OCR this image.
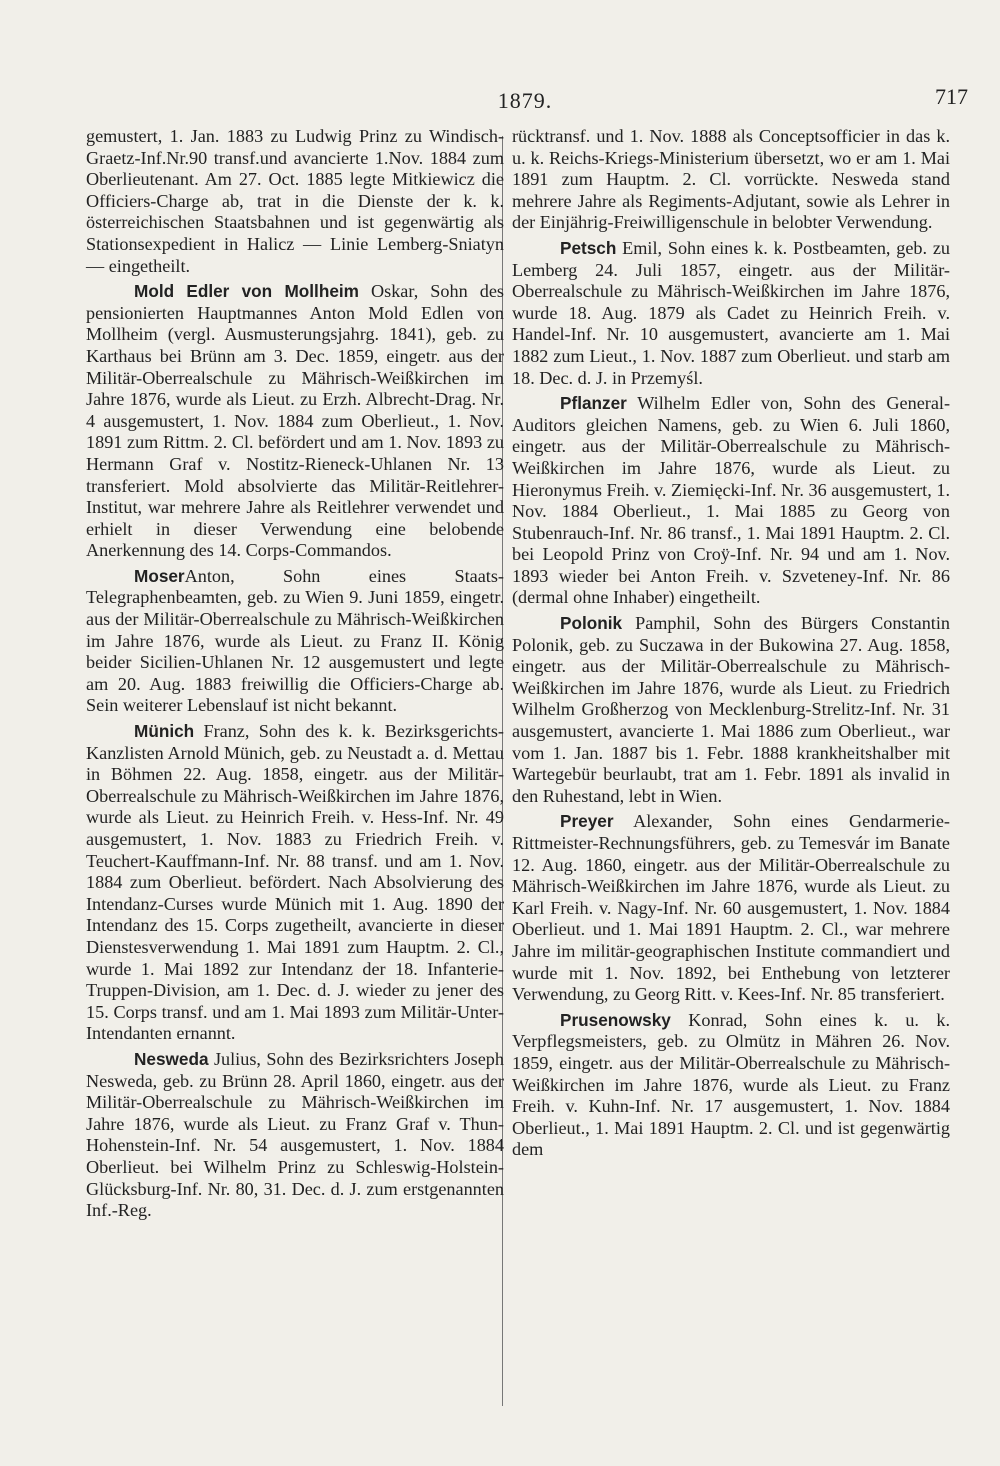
1879.	717

gemustert, 1. Jan. 1883 zu Ludwig Prinz zu Windisch-Graetz-Inf.Nr.90 transf.und avancierte 1.Nov. 1884 zum Oberlieutenant. Am 27. Oct. 1885 legte Mitkiewicz die Officiers-Charge ab, trat in die Dienste der k. k. österreichischen Staatsbahnen und ist gegenwärtig als Stationsexpedient in Halicz — Linie Lemberg-Sniatyn — eingetheilt.

Mold Edler von Mollheim Oskar, Sohn des pensionierten Hauptmannes Anton Mold Edlen von Mollheim (vergl. Ausmusterungsjahrg. 1841), geb. zu Karthaus bei Brünn am 3. Dec. 1859, eingetr. aus der Militär-Oberrealschule zu Mährisch-Weißkirchen im Jahre 1876, wurde als Lieut. zu Erzh. Albrecht-Drag. Nr. 4 ausgemustert, 1. Nov. 1884 zum Oberlieut., 1. Nov. 1891 zum Rittm. 2. Cl. befördert und am 1. Nov. 1893 zu Hermann Graf v. Nostitz-Rieneck-Uhlanen Nr. 13 transferiert. Mold absolvierte das Militär-Reitlehrer-Institut, war mehrere Jahre als Reitlehrer verwendet und erhielt in dieser Verwendung eine belobende Anerkennung des 14. Corps-Commandos.

MoserAnton, Sohn eines Staats-Telegraphenbeamten, geb. zu Wien 9. Juni 1859, eingetr. aus der Militär-Oberrealschule zu Mährisch-Weißkirchen im Jahre 1876, wurde als Lieut. zu Franz II. König beider Sicilien-Uhlanen Nr. 12 ausgemustert und legte am 20. Aug. 1883 freiwillig die Officiers-Charge ab. Sein weiterer Lebenslauf ist nicht bekannt.

Münich Franz, Sohn des k. k. Bezirksgerichts-Kanzlisten Arnold Münich, geb. zu Neustadt a. d. Mettau in Böhmen 22. Aug. 1858, eingetr. aus der Militär-Oberrealschule zu Mährisch-Weißkirchen im Jahre 1876, wurde als Lieut. zu Heinrich Freih. v. Hess-Inf. Nr. 49 ausgemustert, 1. Nov. 1883 zu Friedrich Freih. v. Teuchert-Kauffmann-Inf. Nr. 88 transf. und am 1. Nov. 1884 zum Oberlieut. befördert. Nach Absolvierung des Intendanz-Curses wurde Münich mit 1. Aug. 1890 der Intendanz des 15. Corps zugetheilt, avancierte in dieser Dienstesverwendung 1. Mai 1891 zum Hauptm. 2. Cl., wurde 1. Mai 1892 zur Intendanz der 18. Infanterie-Truppen-Division, am 1. Dec. d. J. wieder zu jener des 15. Corps transf. und am 1. Mai 1893 zum Militär-Unter-Intendanten ernannt.

Nesweda Julius, Sohn des Bezirksrichters Joseph Nesweda, geb. zu Brünn 28. April 1860, eingetr. aus der Militär-Oberrealschule zu Mährisch-Weißkirchen im Jahre 1876, wurde als Lieut. zu Franz Graf v. Thun-Hohenstein-Inf. Nr. 54 ausgemustert, 1. Nov. 1884 Oberlieut. bei Wilhelm Prinz zu Schleswig-Holstein-Glücksburg-Inf. Nr. 80, 31. Dec. d. J. zum erstgenannten Inf.-Reg.

rücktransf. und 1. Nov. 1888 als Conceptsofficier in das k. u. k. Reichs-Kriegs-Ministerium übersetzt, wo er am 1. Mai 1891 zum Hauptm. 2. Cl. vorrückte. Nesweda stand mehrere Jahre als Regiments-Adjutant, sowie als Lehrer in der Einjährig-Freiwilligenschule in belobter Verwendung.

Petsch Emil, Sohn eines k. k. Postbeamten, geb. zu Lemberg 24. Juli 1857, eingetr. aus der Militär-Oberrealschule zu Mährisch-Weißkirchen im Jahre 1876, wurde 18. Aug. 1879 als Cadet zu Heinrich Freih. v. Handel-Inf. Nr. 10 ausgemustert, avancierte am 1. Mai 1882 zum Lieut., 1. Nov. 1887 zum Oberlieut. und starb am 18. Dec. d. J. in Przemyśl.

Pflanzer Wilhelm Edler von, Sohn des General-Auditors gleichen Namens, geb. zu Wien 6. Juli 1860, eingetr. aus der Militär-Oberrealschule zu Mährisch-Weißkirchen im Jahre 1876, wurde als Lieut. zu Hieronymus Freih. v. Ziemięcki-Inf. Nr. 36 ausgemustert, 1. Nov. 1884 Oberlieut., 1. Mai 1885 zu Georg von Stubenrauch-Inf. Nr. 86 transf., 1. Mai 1891 Hauptm. 2. Cl. bei Leopold Prinz von Croÿ-Inf. Nr. 94 und am 1. Nov. 1893 wieder bei Anton Freih. v. Szveteney-Inf. Nr. 86 (dermal ohne Inhaber) eingetheilt.

Polonik Pamphil, Sohn des Bürgers Constantin Polonik, geb. zu Suczawa in der Bukowina 27. Aug. 1858, eingetr. aus der Militär-Oberrealschule zu Mährisch-Weißkirchen im Jahre 1876, wurde als Lieut. zu Friedrich Wilhelm Großherzog von Mecklenburg-Strelitz-Inf. Nr. 31 ausgemustert, avancierte 1. Mai 1886 zum Oberlieut., war vom 1. Jan. 1887 bis 1. Febr. 1888 krankheitshalber mit Wartegebür beurlaubt, trat am 1. Febr. 1891 als invalid in den Ruhestand, lebt in Wien.

Preyer Alexander, Sohn eines Gendarmerie-Rittmeister-Rechnungsführers, geb. zu Temesvár im Banate 12. Aug. 1860, eingetr. aus der Militär-Oberrealschule zu Mährisch-Weißkirchen im Jahre 1876, wurde als Lieut. zu Karl Freih. v. Nagy-Inf. Nr. 60 ausgemustert, 1. Nov. 1884 Oberlieut. und 1. Mai 1891 Hauptm. 2. Cl., war mehrere Jahre im militär-geographischen Institute commandiert und wurde mit 1. Nov. 1892, bei Enthebung von letzterer Verwendung, zu Georg Ritt. v. Kees-Inf. Nr. 85 transferiert.

Prusenowsky Konrad, Sohn eines k. u. k. Verpflegsmeisters, geb. zu Olmütz in Mähren 26. Nov. 1859, eingetr. aus der Militär-Oberrealschule zu Mährisch-Weißkirchen im Jahre 1876, wurde als Lieut. zu Franz Freih. v. Kuhn-Inf. Nr. 17 ausgemustert, 1. Nov. 1884 Oberlieut., 1. Mai 1891 Hauptm. 2. Cl. und ist gegenwärtig dem
